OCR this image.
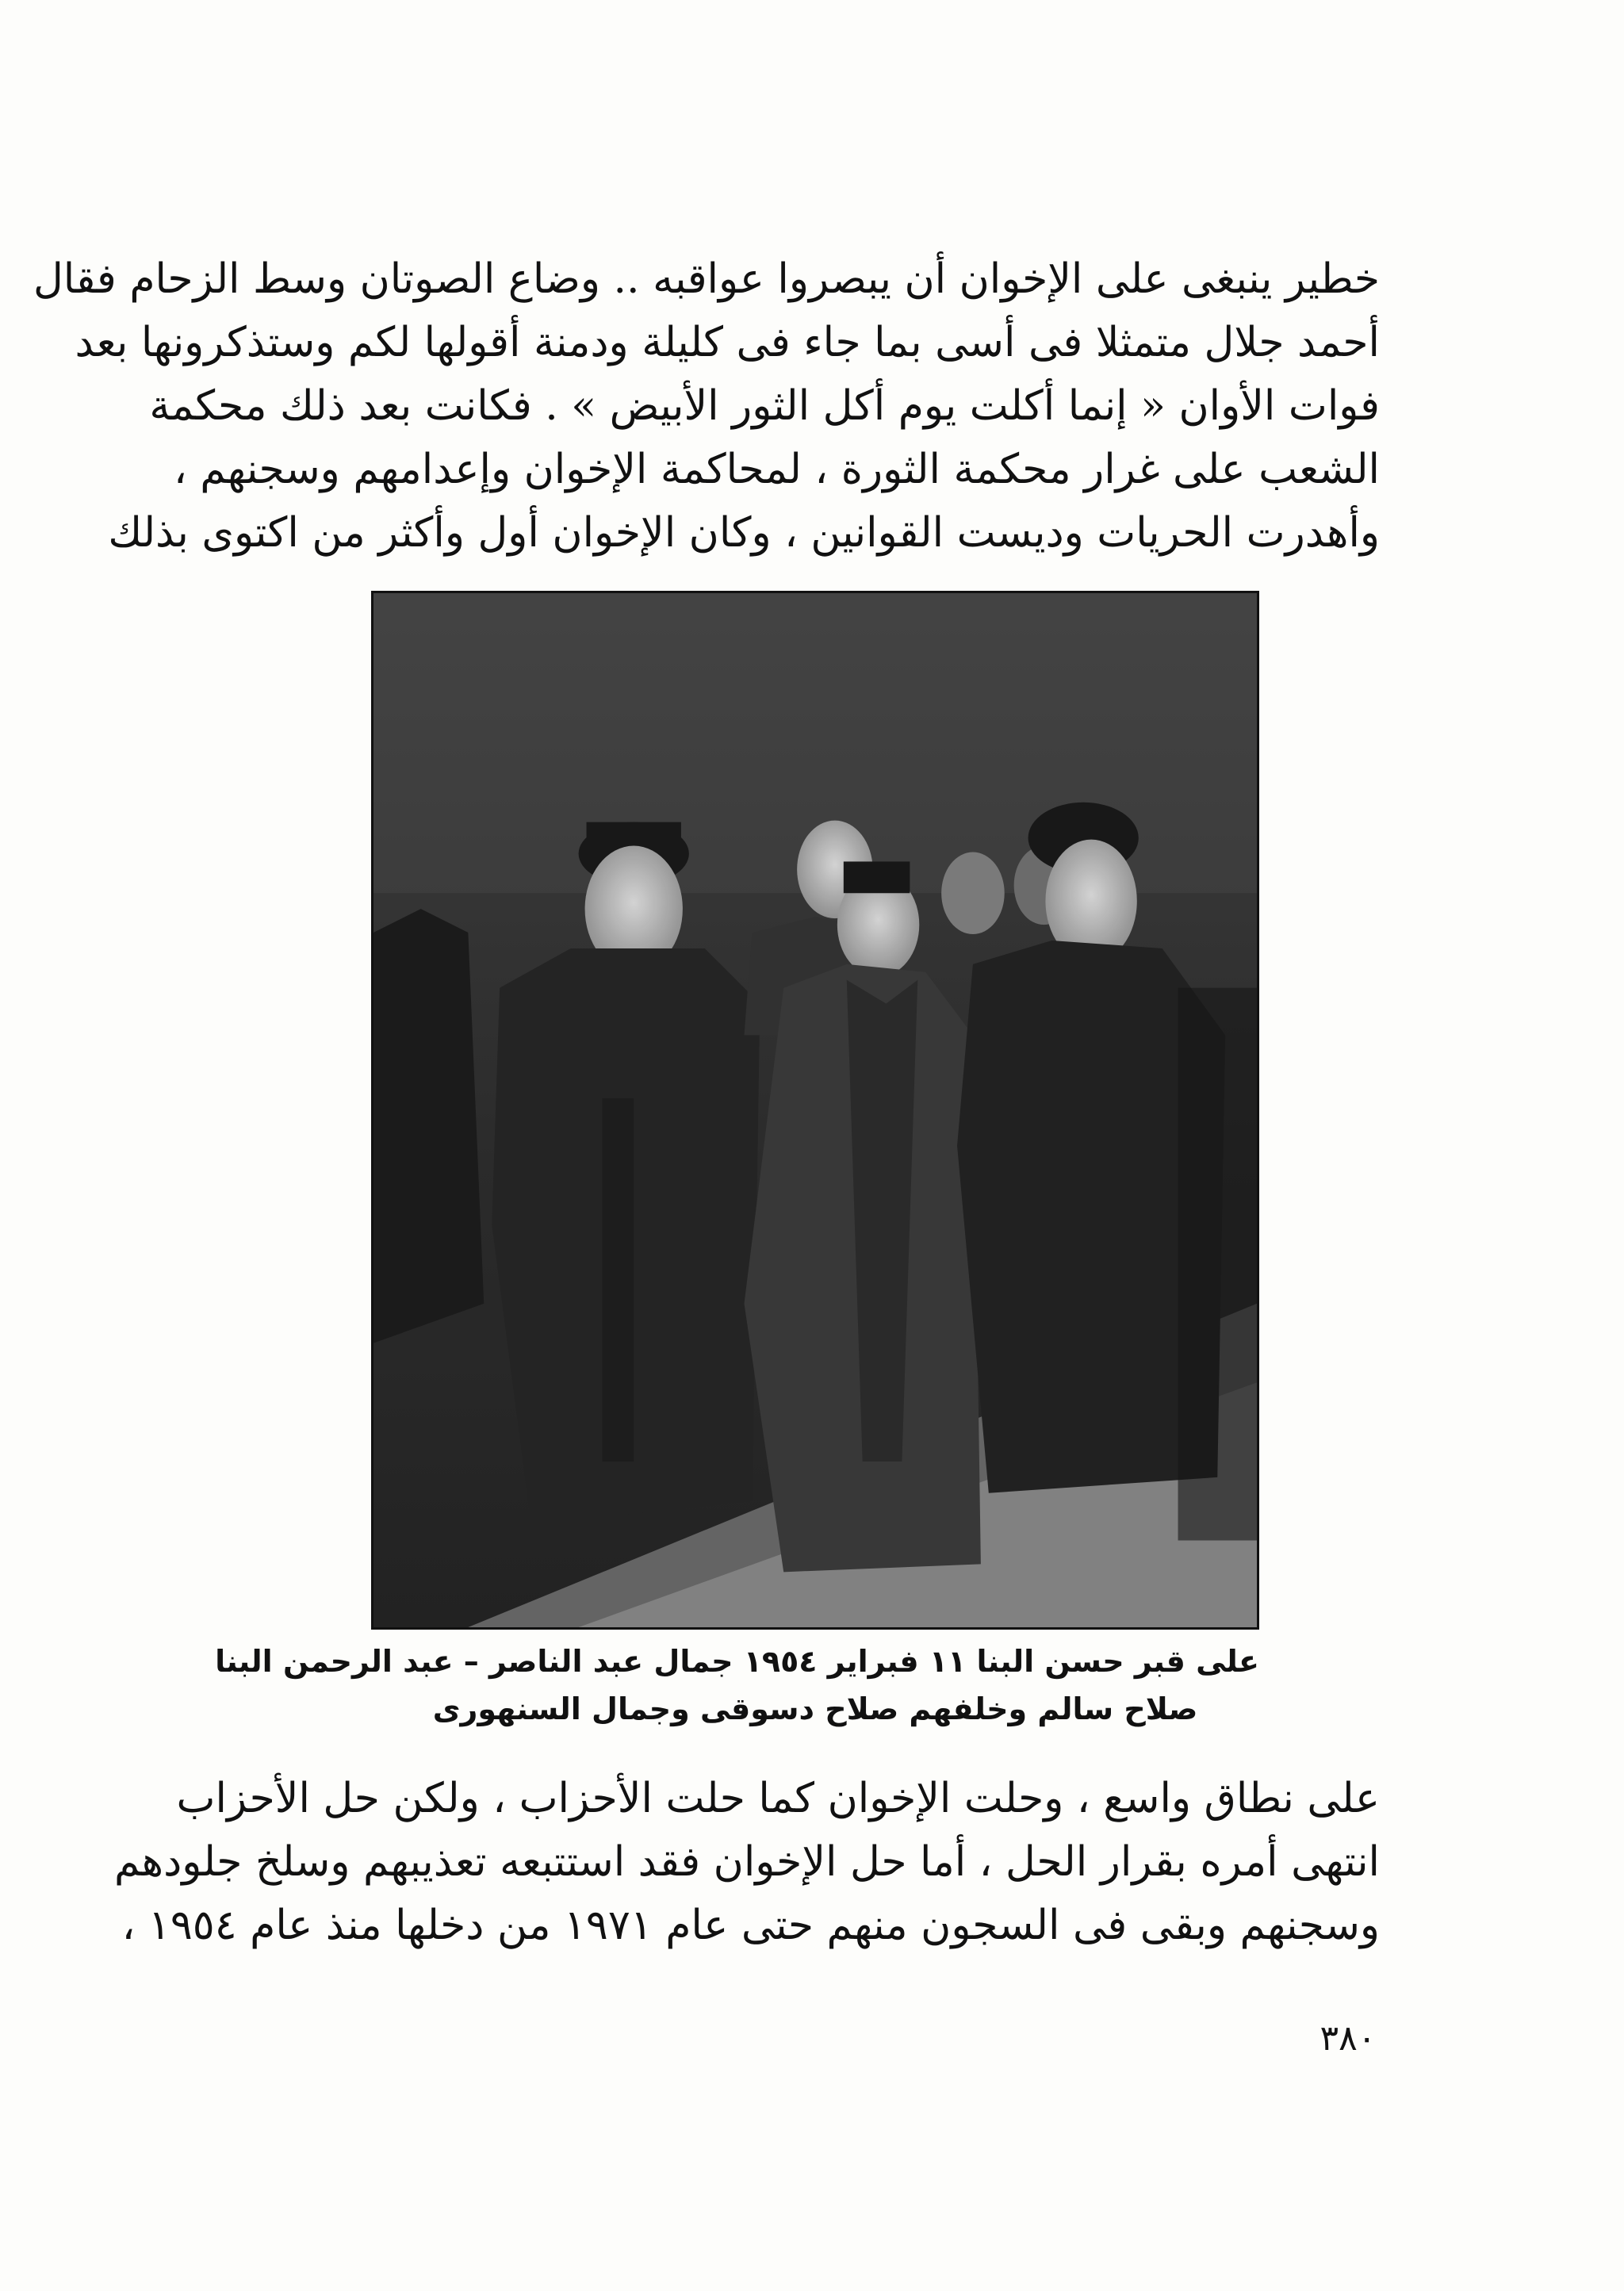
خطير ينبغى على الإخوان أن يبصروا عواقبه .. وضاع الصوتان وسط الزحام فقال
أحمد جلال متمثلا فى أسى بما جاء فى كليلة ودمنة أقولها لكم وستذكرونها بعد
فوات الأوان « إنما أكلت يوم أكل الثور الأبيض » . فكانت بعد ذلك محكمة
الشعب على غرار محكمة الثورة ، لمحاكمة الإخوان وإعدامهم وسجنهم ،
وأهدرت الحريات وديست القوانين ، وكان الإخوان أول وأكثر من اكتوى بذلك
على قبر حسن البنا ١١ فبراير ١٩٥٤ جمال عبد الناصر – عبد الرحمن البنا
صلاح سالم وخلفهم صلاح دسوقى وجمال السنهورى
على نطاق واسع ، وحلت الإخوان كما حلت الأحزاب ، ولكن حل الأحزاب
انتهى أمره بقرار الحل ، أما حل الإخوان فقد استتبعه تعذيبهم وسلخ جلودهم
وسجنهم وبقى فى السجون منهم حتى عام ١٩٧١ من دخلها منذ عام ١٩٥٤ ،
٣٨٠
